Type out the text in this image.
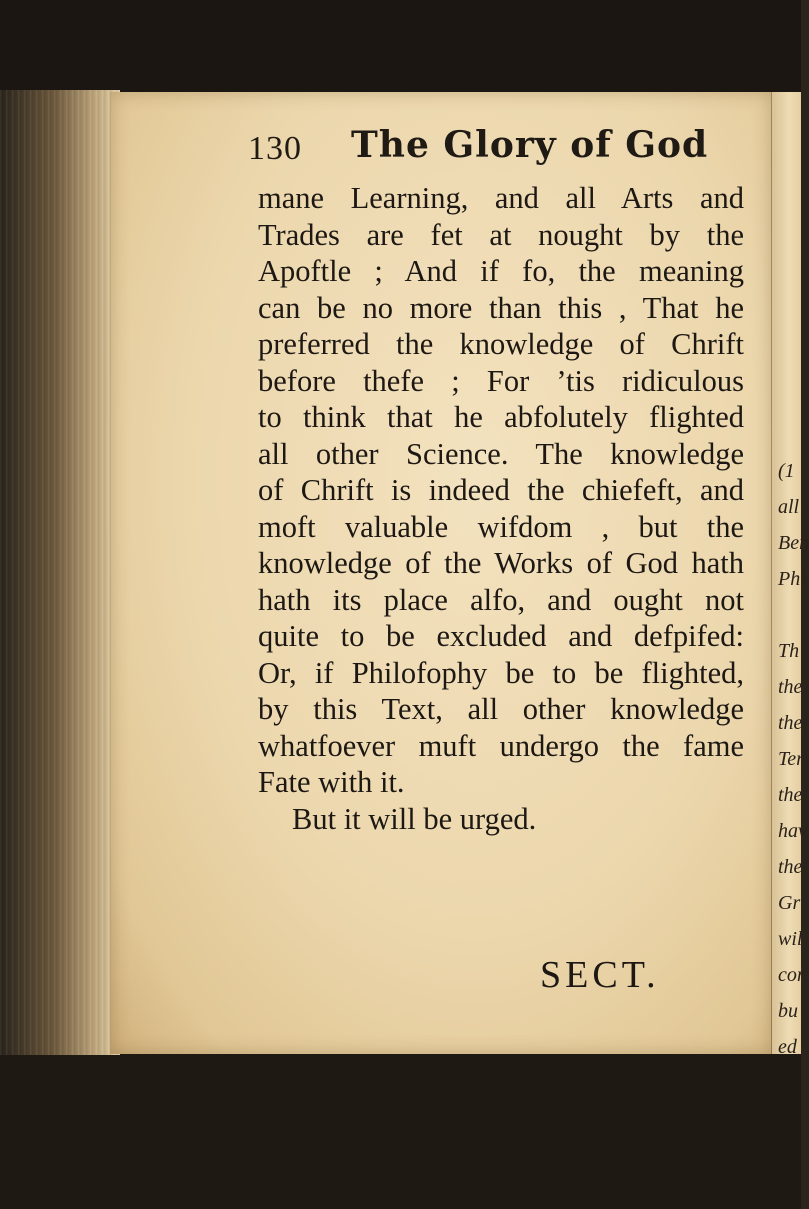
(1
all
Ben
Phi
Th
the
the
Ter
the
hav
the
Gr
wil
cor
bu
ed
130 The Glory of God
mane Learning, and all Arts and
Trades are fet at nought by the
Apoftle ; And if fo, the meaning
can be no more than this , That he
preferred the knowledge of Chrift
before thefe ; For ’tis ridiculous
to think that he abfolutely flighted
all other Science. The knowledge
of Chrift is indeed the chiefeft, and
moft valuable wifdom , but the
knowledge of the Works of God hath
hath its place alfo, and ought not
quite to be excluded and defpifed:
Or, if Philofophy be to be flighted,
by this Text, all other knowledge
whatfoever muft undergo the fame
Fate with it.
But it will be urged.
SECT.
